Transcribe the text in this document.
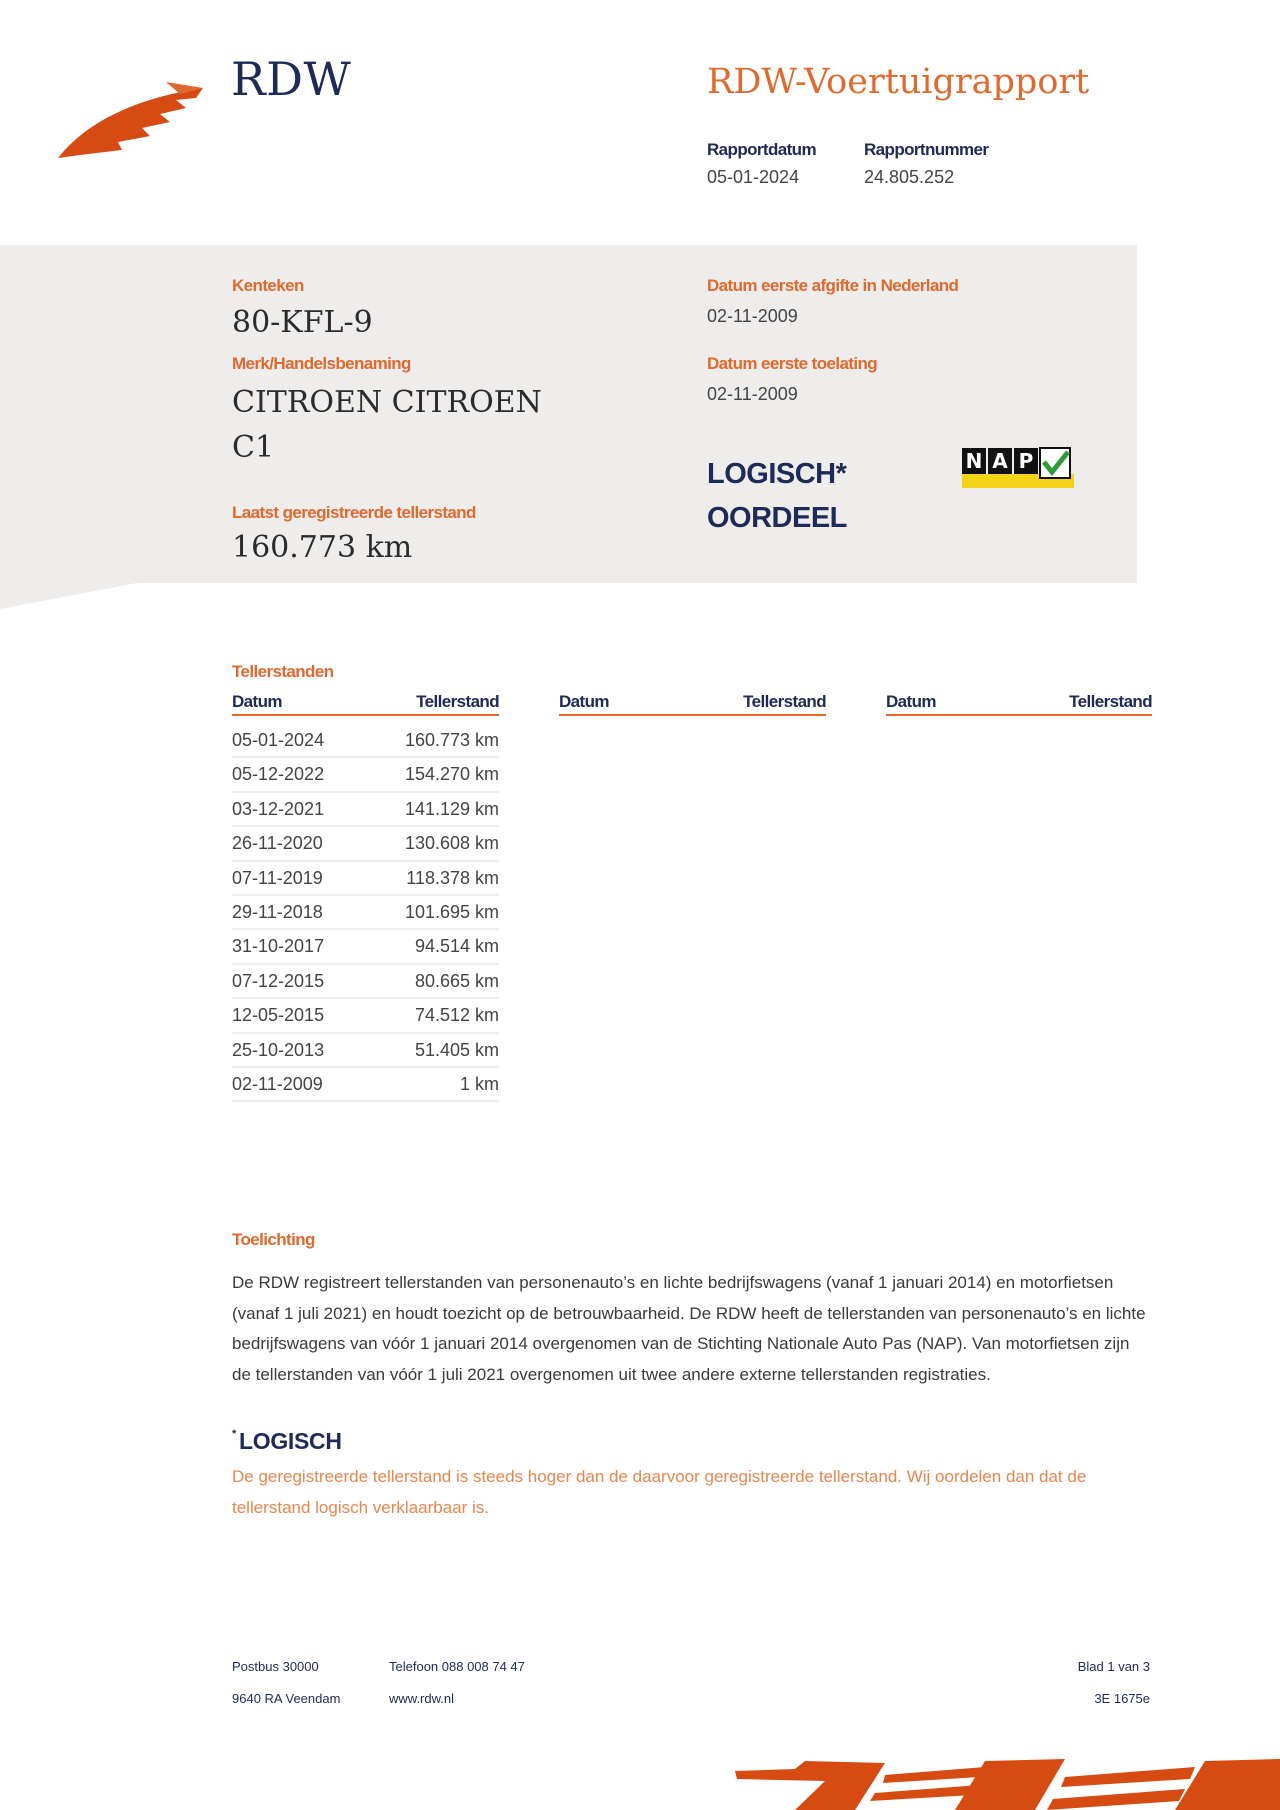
RDW	RDW-Voertuigrapport
Rapportdatum
05-01-2024
Rapportnummer
24.805.252
Kenteken
80-KFL-9
Merk/Handelsbenaming
CITROEN CITROEN
C1
Laatst geregistreerde tellerstand
160.773 km
Datum eerste afgifte in Nederland
02-11-2009
Datum eerste toelating
02-11-2009
LOGISCH*
OORDEEL
N A P
Tellerstanden
Datum	Tellerstand	Datum	Tellerstand	Datum	Tellerstand
05-01-2024	160.773 km
05-12-2022	154.270 km
03-12-2021	141.129 km
26-11-2020	130.608 km
07-11-2019	118.378 km
29-11-2018	101.695 km
31-10-2017	94.514 km
07-12-2015	80.665 km
12-05-2015	74.512 km
25-10-2013	51.405 km
02-11-2009	1 km
Toelichting
De RDW registreert tellerstanden van personenauto’s en lichte bedrijfswagens (vanaf 1 januari 2014) en motorfietsen (vanaf 1 juli 2021) en houdt toezicht op de betrouwbaarheid. De RDW heeft de tellerstanden van personenauto’s en lichte bedrijfswagens van vóór 1 januari 2014 overgenomen van de Stichting Nationale Auto Pas (NAP). Van motorfietsen zijn de tellerstanden van vóór 1 juli 2021 overgenomen uit twee andere externe tellerstanden registraties.
* LOGISCH
De geregistreerde tellerstand is steeds hoger dan de daarvoor geregistreerde tellerstand. Wij oordelen dan dat de tellerstand logisch verklaarbaar is.
Postbus 30000
9640 RA Veendam
Telefoon 088 008 74 47
www.rdw.nl
Blad 1 van 3
3E 1675e
